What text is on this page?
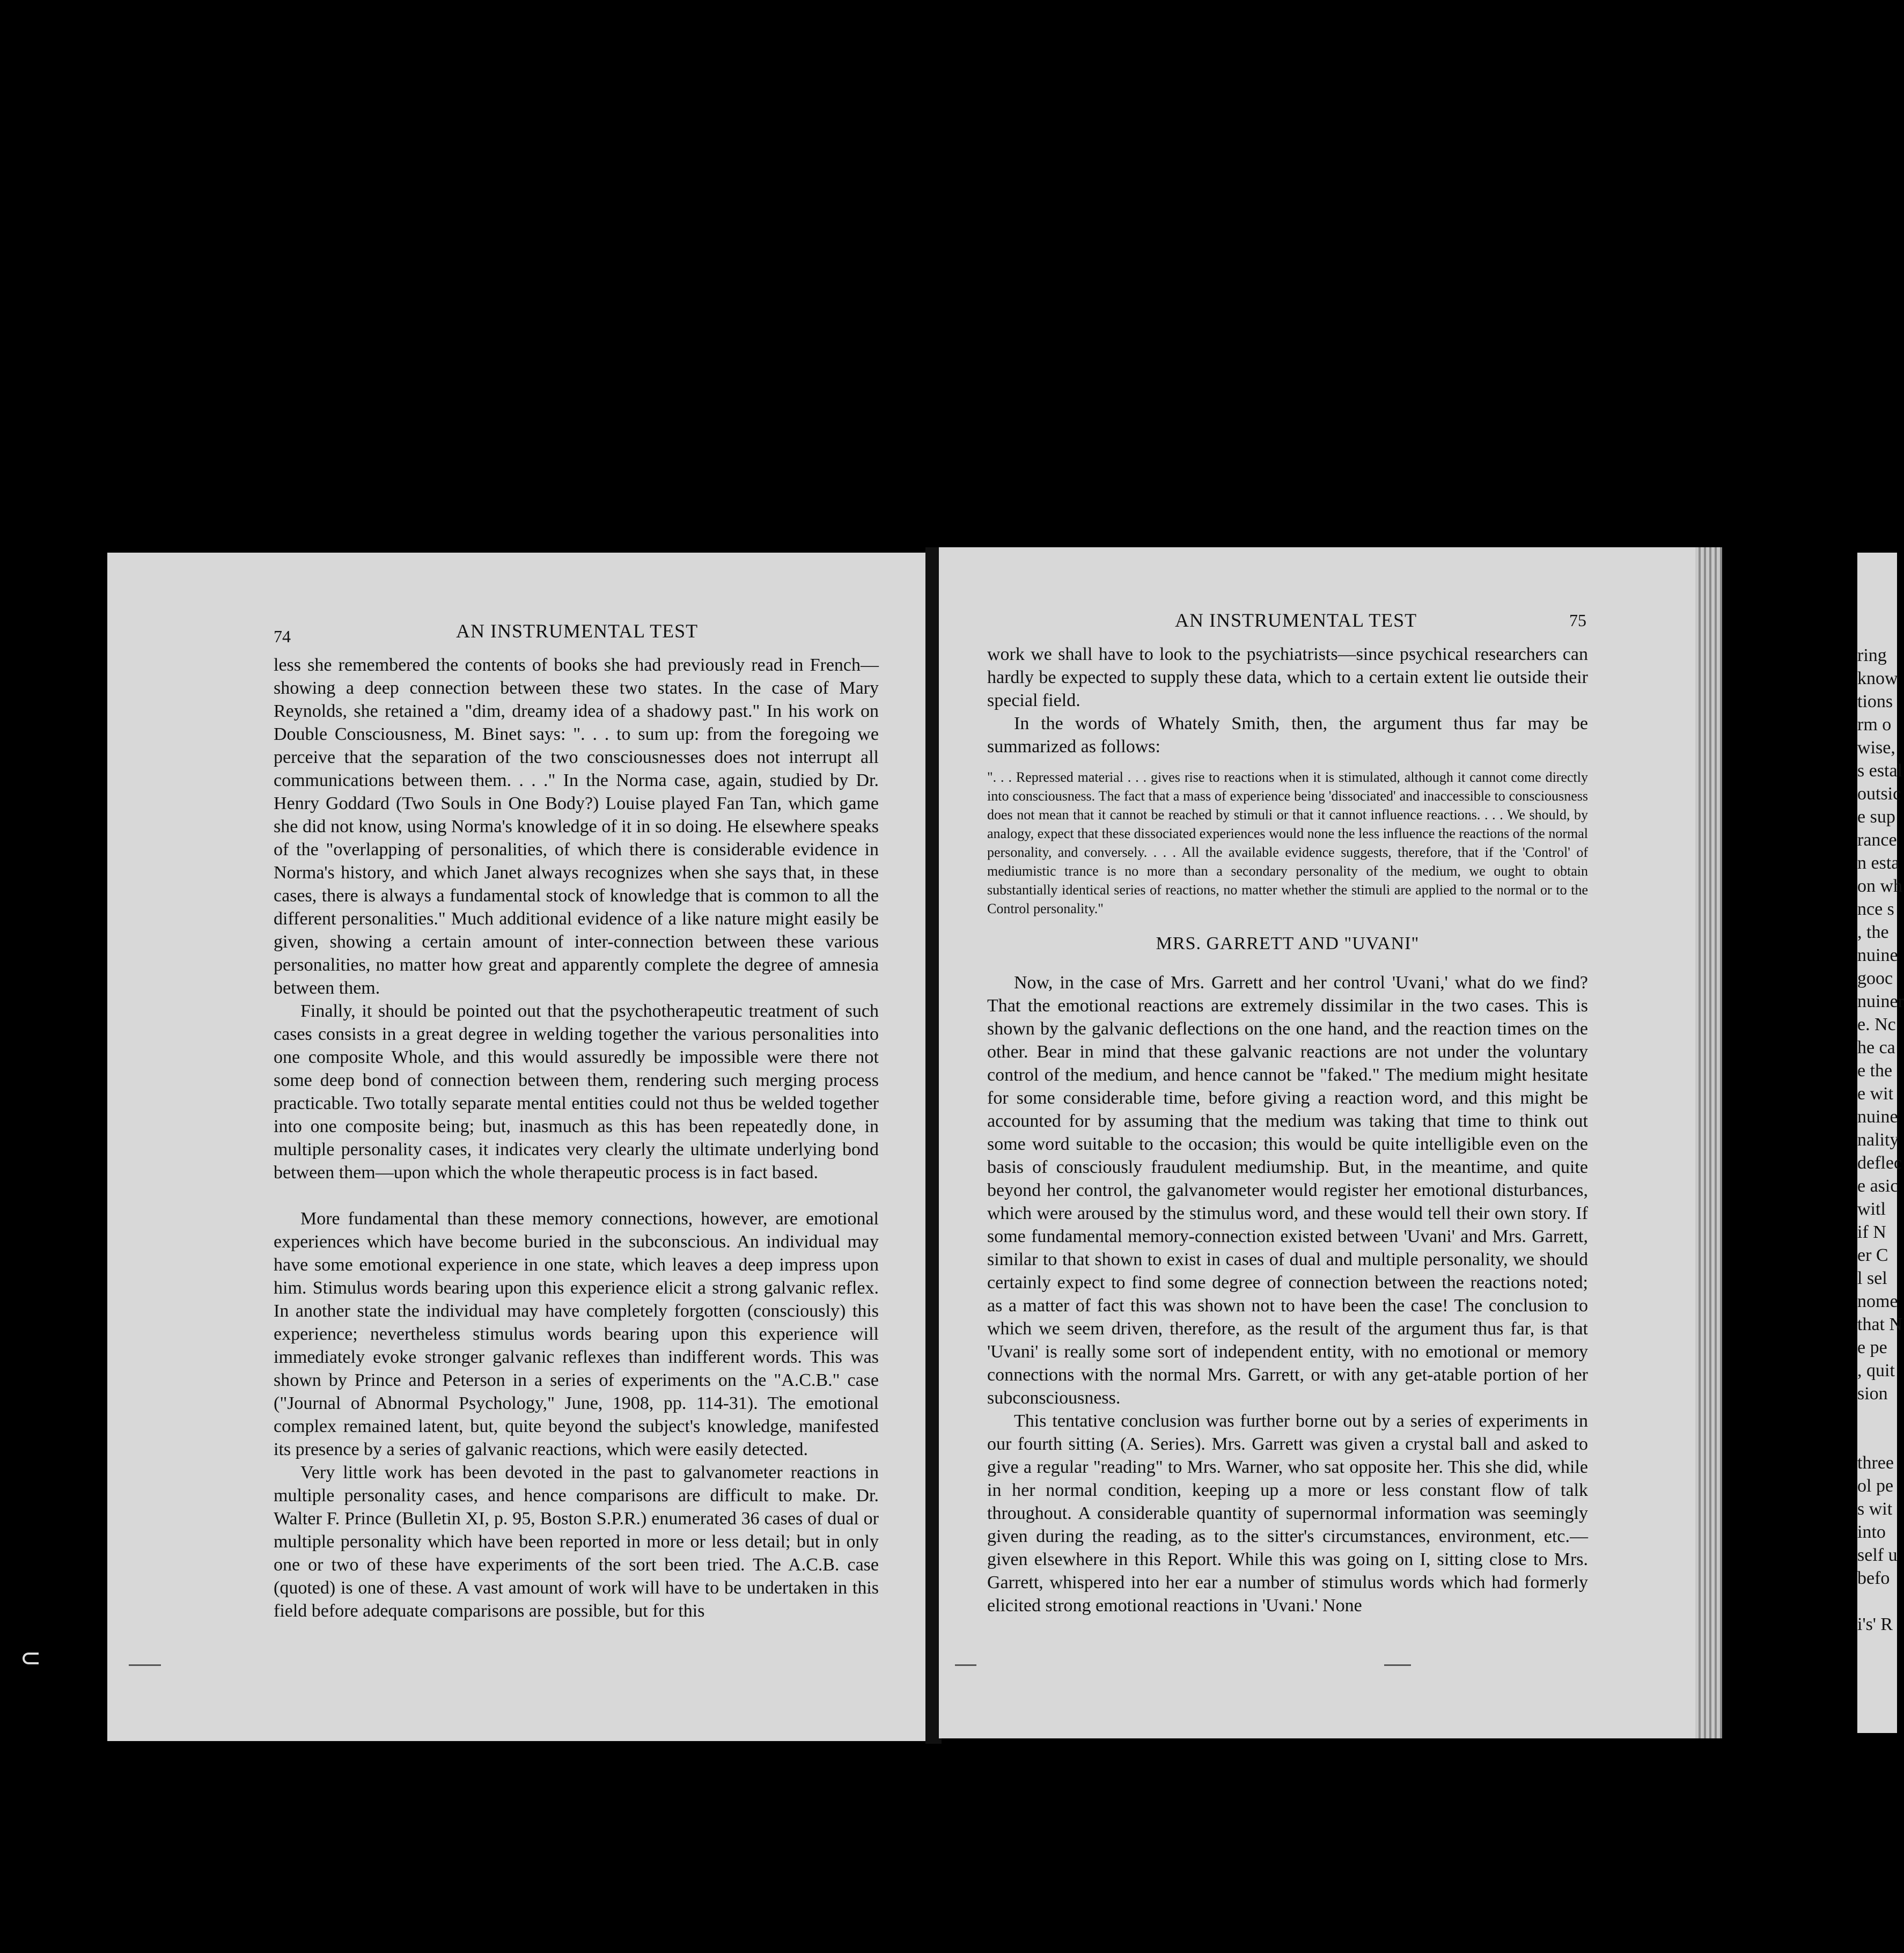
74	AN INSTRUMENTAL TEST

less she remembered the contents of books she had previously read in French—showing a deep connection between these two states. In the case of Mary Reynolds, she retained a "dim, dreamy idea of a shadowy past." In his work on Double Consciousness, M. Binet says: ". . . to sum up: from the foregoing we perceive that the separation of the two consciousnesses does not interrupt all communications between them. . . ." In the Norma case, again, studied by Dr. Henry Goddard (Two Souls in One Body?) Louise played Fan Tan, which game she did not know, using Norma's knowledge of it in so doing. He elsewhere speaks of the "overlapping of personalities, of which there is considerable evidence in Norma's history, and which Janet always recognizes when she says that, in these cases, there is always a fundamental stock of knowledge that is common to all the different personalities." Much additional evidence of a like nature might easily be given, showing a certain amount of inter-connection between these various personalities, no matter how great and apparently complete the degree of amnesia between them.

Finally, it should be pointed out that the psychotherapeutic treatment of such cases consists in a great degree in welding together the various personalities into one composite Whole, and this would assuredly be impossible were there not some deep bond of connection between them, rendering such merging process practicable. Two totally separate mental entities could not thus be welded together into one composite being; but, inasmuch as this has been repeatedly done, in multiple personality cases, it indicates very clearly the ultimate underlying bond between them—upon which the whole therapeutic process is in fact based.

More fundamental than these memory connections, however, are emotional experiences which have become buried in the subconscious. An individual may have some emotional experience in one state, which leaves a deep impress upon him. Stimulus words bearing upon this experience elicit a strong galvanic reflex. In another state the individual may have completely forgotten (consciously) this experience; nevertheless stimulus words bearing upon this experience will immediately evoke stronger galvanic reflexes than indifferent words. This was shown by Prince and Peterson in a series of experiments on the "A.C.B." case ("Journal of Abnormal Psychology," June, 1908, pp. 114-31). The emotional complex remained latent, but, quite beyond the subject's knowledge, manifested its presence by a series of galvanic reactions, which were easily detected.

Very little work has been devoted in the past to galvanometer reactions in multiple personality cases, and hence comparisons are difficult to make. Dr. Walter F. Prince (Bulletin XI, p. 95, Boston S.P.R.) enumerated 36 cases of dual or multiple personality which have been reported in more or less detail; but in only one or two of these have experiments of the sort been tried. The A.C.B. case (quoted) is one of these. A vast amount of work will have to be undertaken in this field before adequate comparisons are possible, but for this

AN INSTRUMENTAL TEST	75

work we shall have to look to the psychiatrists—since psychical researchers can hardly be expected to supply these data, which to a certain extent lie outside their special field.

In the words of Whately Smith, then, the argument thus far may be summarized as follows:

". . . Repressed material . . . gives rise to reactions when it is stimulated, although it cannot come directly into consciousness. The fact that a mass of experience being 'dissociated' and inaccessible to consciousness does not mean that it cannot be reached by stimuli or that it cannot influence reactions. . . . We should, by analogy, expect that these dissociated experiences would none the less influence the reactions of the normal personality, and conversely. . . . All the available evidence suggests, therefore, that if the 'Control' of mediumistic trance is no more than a secondary personality of the medium, we ought to obtain substantially identical series of reactions, no matter whether the stimuli are applied to the normal or to the Control personality."
MRS. GARRETT AND "UVANI"

Now, in the case of Mrs. Garrett and her control 'Uvani,' what do we find? That the emotional reactions are extremely dissimilar in the two cases. This is shown by the galvanic deflections on the one hand, and the reaction times on the other. Bear in mind that these galvanic reactions are not under the voluntary control of the medium, and hence cannot be "faked." The medium might hesitate for some considerable time, before giving a reaction word, and this might be accounted for by assuming that the medium was taking that time to think out some word suitable to the occasion; this would be quite intelligible even on the basis of consciously fraudulent mediumship. But, in the meantime, and quite beyond her control, the galvanometer would register her emotional disturbances, which were aroused by the stimulus word, and these would tell their own story. If some fundamental memory-connection existed between 'Uvani' and Mrs. Garrett, similar to that shown to exist in cases of dual and multiple personality, we should certainly expect to find some degree of connection between the reactions noted; as a matter of fact this was shown not to have been the case! The conclusion to which we seem driven, therefore, as the result of the argument thus far, is that 'Uvani' is really some sort of independent entity, with no emotional or memory connections with the normal Mrs. Garrett, or with any get-atable portion of her subconsciousness.

This tentative conclusion was further borne out by a series of experiments in our fourth sitting (A. Series). Mrs. Garrett was given a crystal ball and asked to give a regular "reading" to Mrs. Warner, who sat opposite her. This she did, while in her normal condition, keeping up a more or less constant flow of talk throughout. A considerable quantity of supernormal information was seemingly given during the reading, as to the sitter's circumstances, environment, etc.—given elsewhere in this Report. While this was going on I, sitting close to Mrs. Garrett, whispered into her ear a number of stimulus words which had formerly elicited strong emotional reactions in 'Uvani.' None

ring
know
tions
rm o
wise,
s estal
outsic
e sup
rance
n esta
on wh
nce s
, the
nuine
gooc
nuiner
e. Nc
he ca
e the
e wit
nuine
nality
deflec
e asic
witl
if N
er C
l sel
nome
that N
e pe
, quit
sion
three
ol pe
s wit
into
self u
befo
i's' R
